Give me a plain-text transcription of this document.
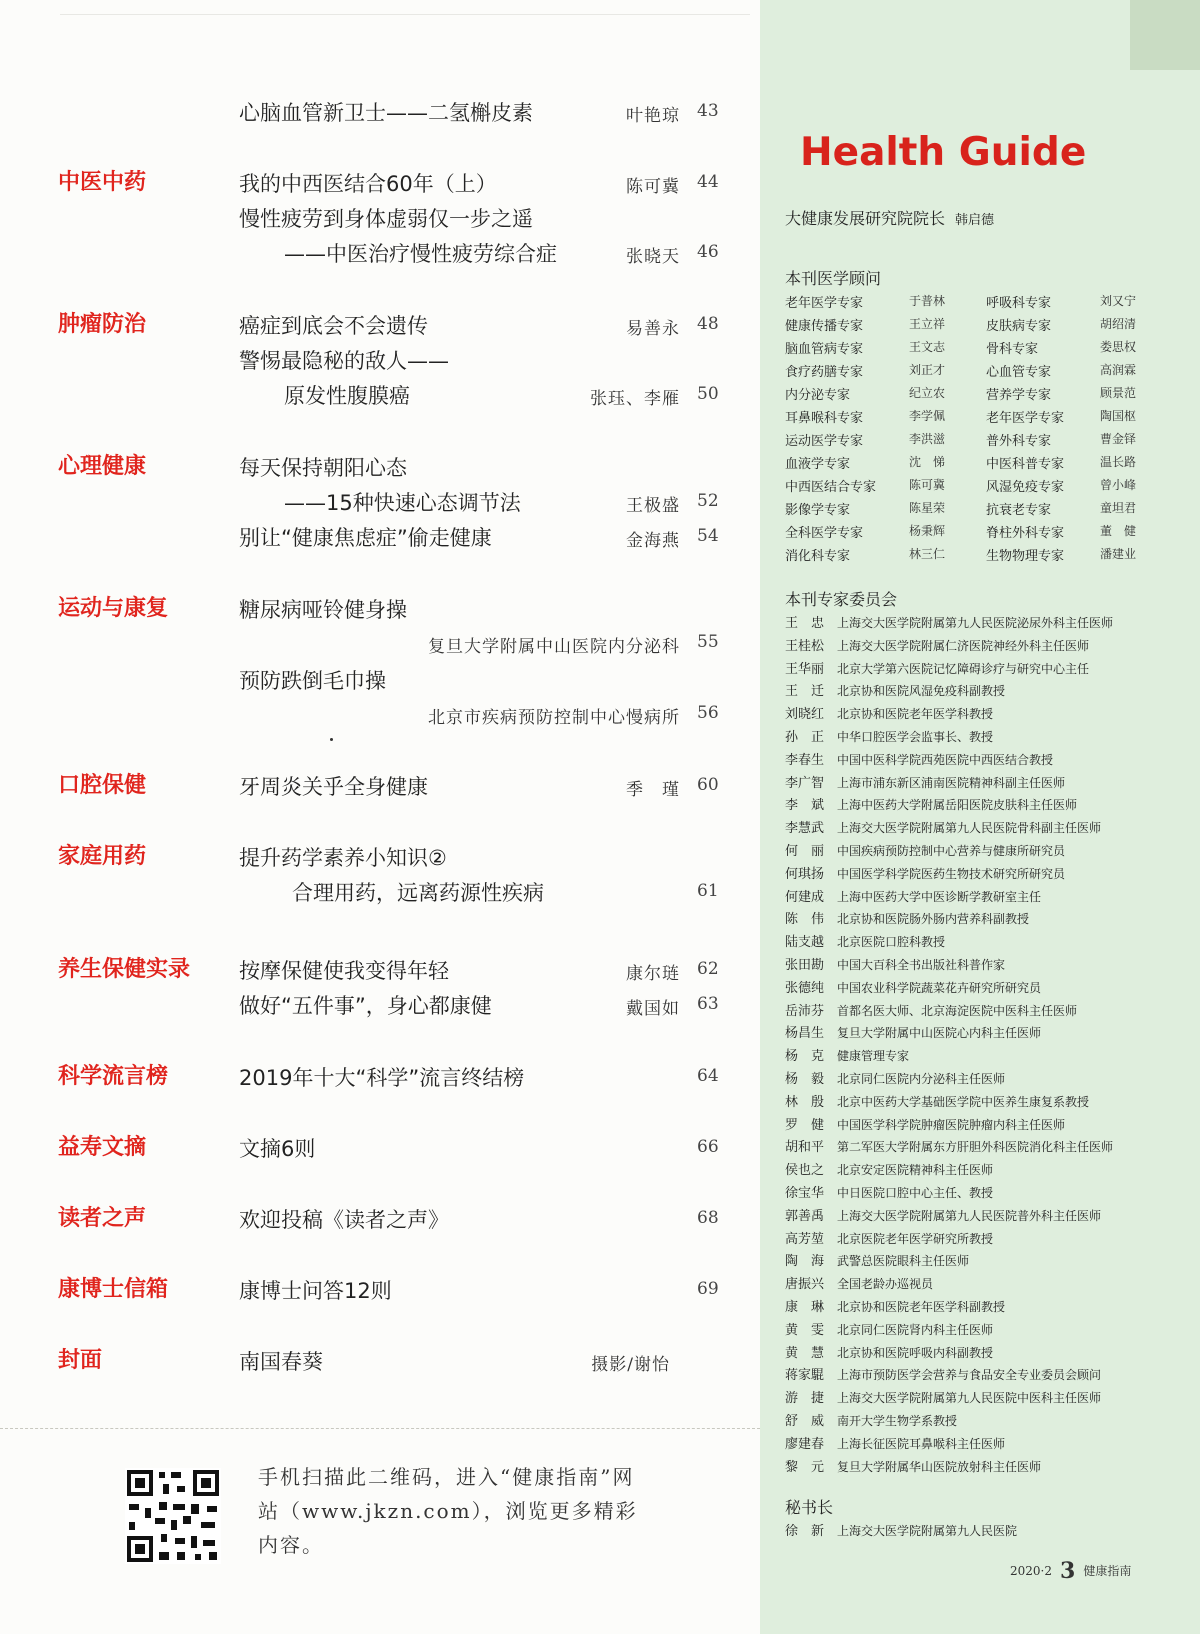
心脑血管新卫士——二氢槲皮素	叶艳琼 43
中医中药	我的中西医结合60年（上）	陈可冀 44
慢性疲劳到身体虚弱仅一步之遥
——中医治疗慢性疲劳综合症	张晓天 46
肿瘤防治	癌症到底会不会遗传	易善永 48
警惕最隐秘的敌人——
原发性腹膜癌	张珏、李雁 50
心理健康	每天保持朝阳心态
——15种快速心态调节法	王极盛 52
别让“健康焦虑症”偷走健康	金海燕 54
运动与康复	糖尿病哑铃健身操
复旦大学附属中山医院内分泌科 55
预防跌倒毛巾操
北京市疾病预防控制中心慢病所 56
口腔保健	牙周炎关乎全身健康	季　瑾 60
家庭用药	提升药学素养小知识②
合理用药，远离药源性疾病	61
养生保健实录 按摩保健使我变得年轻	康尔琏 62
做好“五件事”，身心都康健	戴国如 63
科学流言榜	2019年十大“科学”流言终结榜	64
益寿文摘	文摘6则	66
读者之声	欢迎投稿《读者之声》	68
康博士信箱	康博士问答12则	69
封面	南国春葵	摄影/谢怡
手机扫描此二维码，进入“健康指南”网站（www.jkzn.com），浏览更多精彩内容。
Health Guide
大健康发展研究院院长 韩启德
本刊医学顾问
老年医学专家	于普林	呼吸科专家	刘又宁
健康传播专家	王立祥	皮肤病专家	胡绍清
脑血管病专家	王文志	骨科专家	娄思权
食疗药膳专家	刘正才	心血管专家	高润霖
内分泌专家	纪立农	营养学专家	顾景范
耳鼻喉科专家	李学佩	老年医学专家	陶国枢
运动医学专家	李洪滋	普外科专家	曹金铎
血液学专家	沈　悌	中医科普专家	温长路
中西医结合专家	陈可冀	风湿免疫专家	曾小峰
影像学专家	陈星荣	抗衰老专家	童坦君
全科医学专家	杨秉辉	脊柱外科专家	董　健
消化科专家	林三仁	生物物理专家	潘建业
本刊专家委员会
王　忠 上海交大医学院附属第九人民医院泌尿外科主任医师
王桂松 上海交大医学院附属仁济医院神经外科主任医师
王华丽 北京大学第六医院记忆障碍诊疗与研究中心主任
王　迁 北京协和医院风湿免疫科副教授
刘晓红 北京协和医院老年医学科教授
孙　正 中华口腔医学会监事长、教授
李春生 中国中医科学院西苑医院中西医结合教授
李广智 上海市浦东新区浦南医院精神科副主任医师
李　斌 上海中医药大学附属岳阳医院皮肤科主任医师
李慧武 上海交大医学院附属第九人民医院骨科副主任医师
何　丽 中国疾病预防控制中心营养与健康所研究员
何琪扬 中国医学科学院医药生物技术研究所研究员
何建成 上海中医药大学中医诊断学教研室主任
陈　伟 北京协和医院肠外肠内营养科副教授
陆支越 北京医院口腔科教授
张田勘 中国大百科全书出版社科普作家
张德纯 中国农业科学院蔬菜花卉研究所研究员
岳沛芬 首都名医大师、北京海淀医院中医科主任医师
杨昌生 复旦大学附属中山医院心内科主任医师
杨　克 健康管理专家
杨　毅 北京同仁医院内分泌科主任医师
林　殷 北京中医药大学基础医学院中医养生康复系教授
罗　健 中国医学科学院肿瘤医院肿瘤内科主任医师
胡和平 第二军医大学附属东方肝胆外科医院消化科主任医师
侯也之 北京安定医院精神科主任医师
徐宝华 中日医院口腔中心主任、教授
郭善禹 上海交大医学院附属第九人民医院普外科主任医师
高芳堃 北京医院老年医学研究所教授
陶　海 武警总医院眼科主任医师
唐振兴 全国老龄办巡视员
康　琳 北京协和医院老年医学科副教授
黄　雯 北京同仁医院肾内科主任医师
黄　慧 北京协和医院呼吸内科副教授
蒋家騉 上海市预防医学会营养与食品安全专业委员会顾问
游　捷 上海交大医学院附属第九人民医院中医科主任医师
舒　威 南开大学生物学系教授
廖建春 上海长征医院耳鼻喉科主任医师
黎　元 复旦大学附属华山医院放射科主任医师
秘书长
徐　新 上海交大医学院附属第九人民医院
2020·2 3 健康指南
